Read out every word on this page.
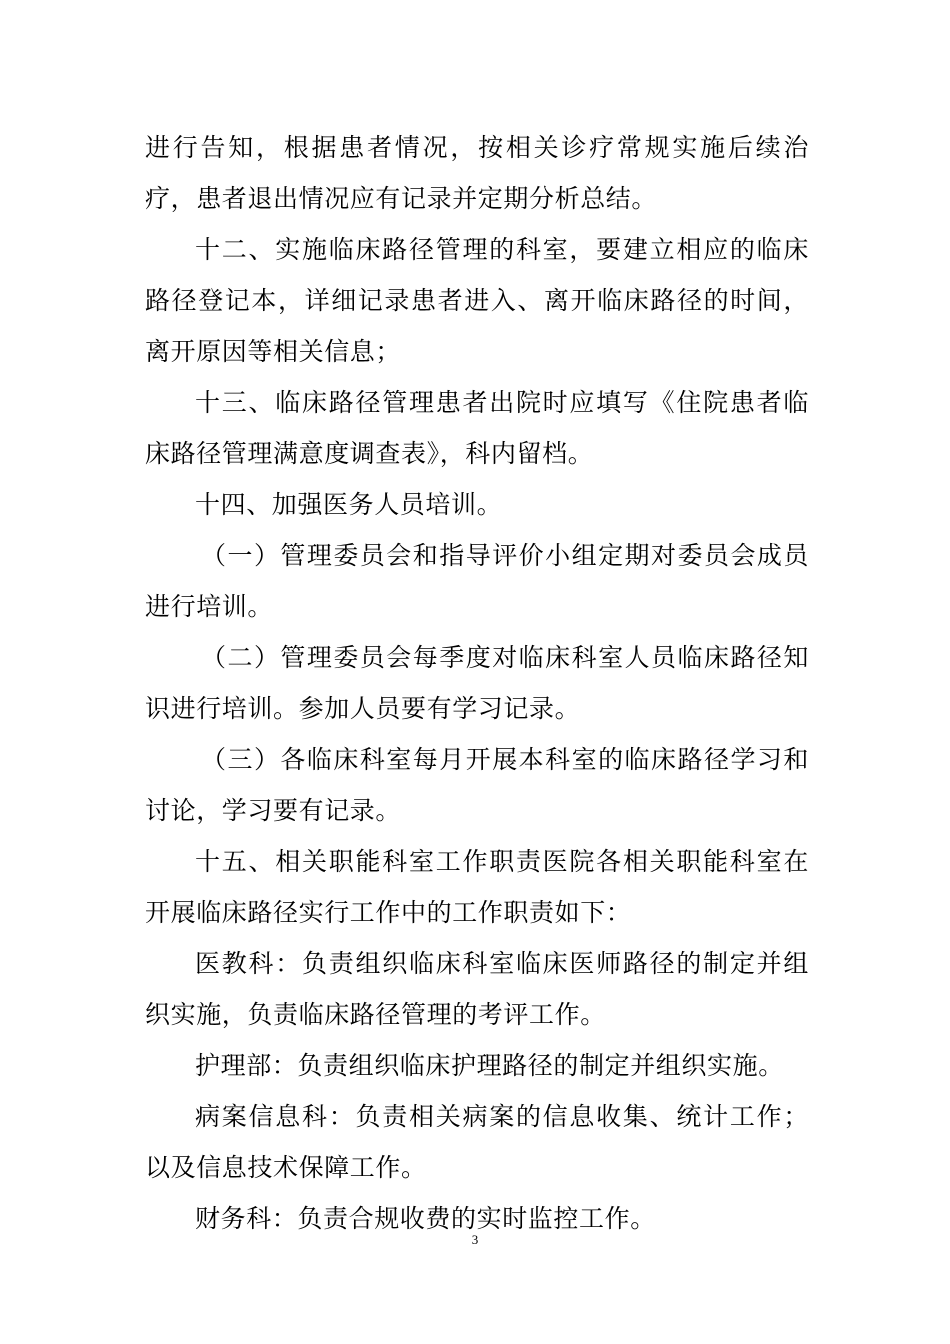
进行告知，根据患者情况，按相关诊疗常规实施后续治疗，患者退出情况应有记录并定期分析总结。

十二、实施临床路径管理的科室，要建立相应的临床路径登记本，详细记录患者进入、离开临床路径的时间，离开原因等相关信息；

十三、临床路径管理患者出院时应填写《住院患者临床路径管理满意度调查表》，科内留档。

十四、加强医务人员培训。

（一）管理委员会和指导评价小组定期对委员会成员进行培训。

（二）管理委员会每季度对临床科室人员临床路径知识进行培训。参加人员要有学习记录。

（三）各临床科室每月开展本科室的临床路径学习和讨论，学习要有记录。

十五、相关职能科室工作职责医院各相关职能科室在开展临床路径实行工作中的工作职责如下：

医教科：负责组织临床科室临床医师路径的制定并组织实施，负责临床路径管理的考评工作。

护理部：负责组织临床护理路径的制定并组织实施。

病案信息科：负责相关病案的信息收集、统计工作；以及信息技术保障工作。

财务科：负责合规收费的实时监控工作。

3
